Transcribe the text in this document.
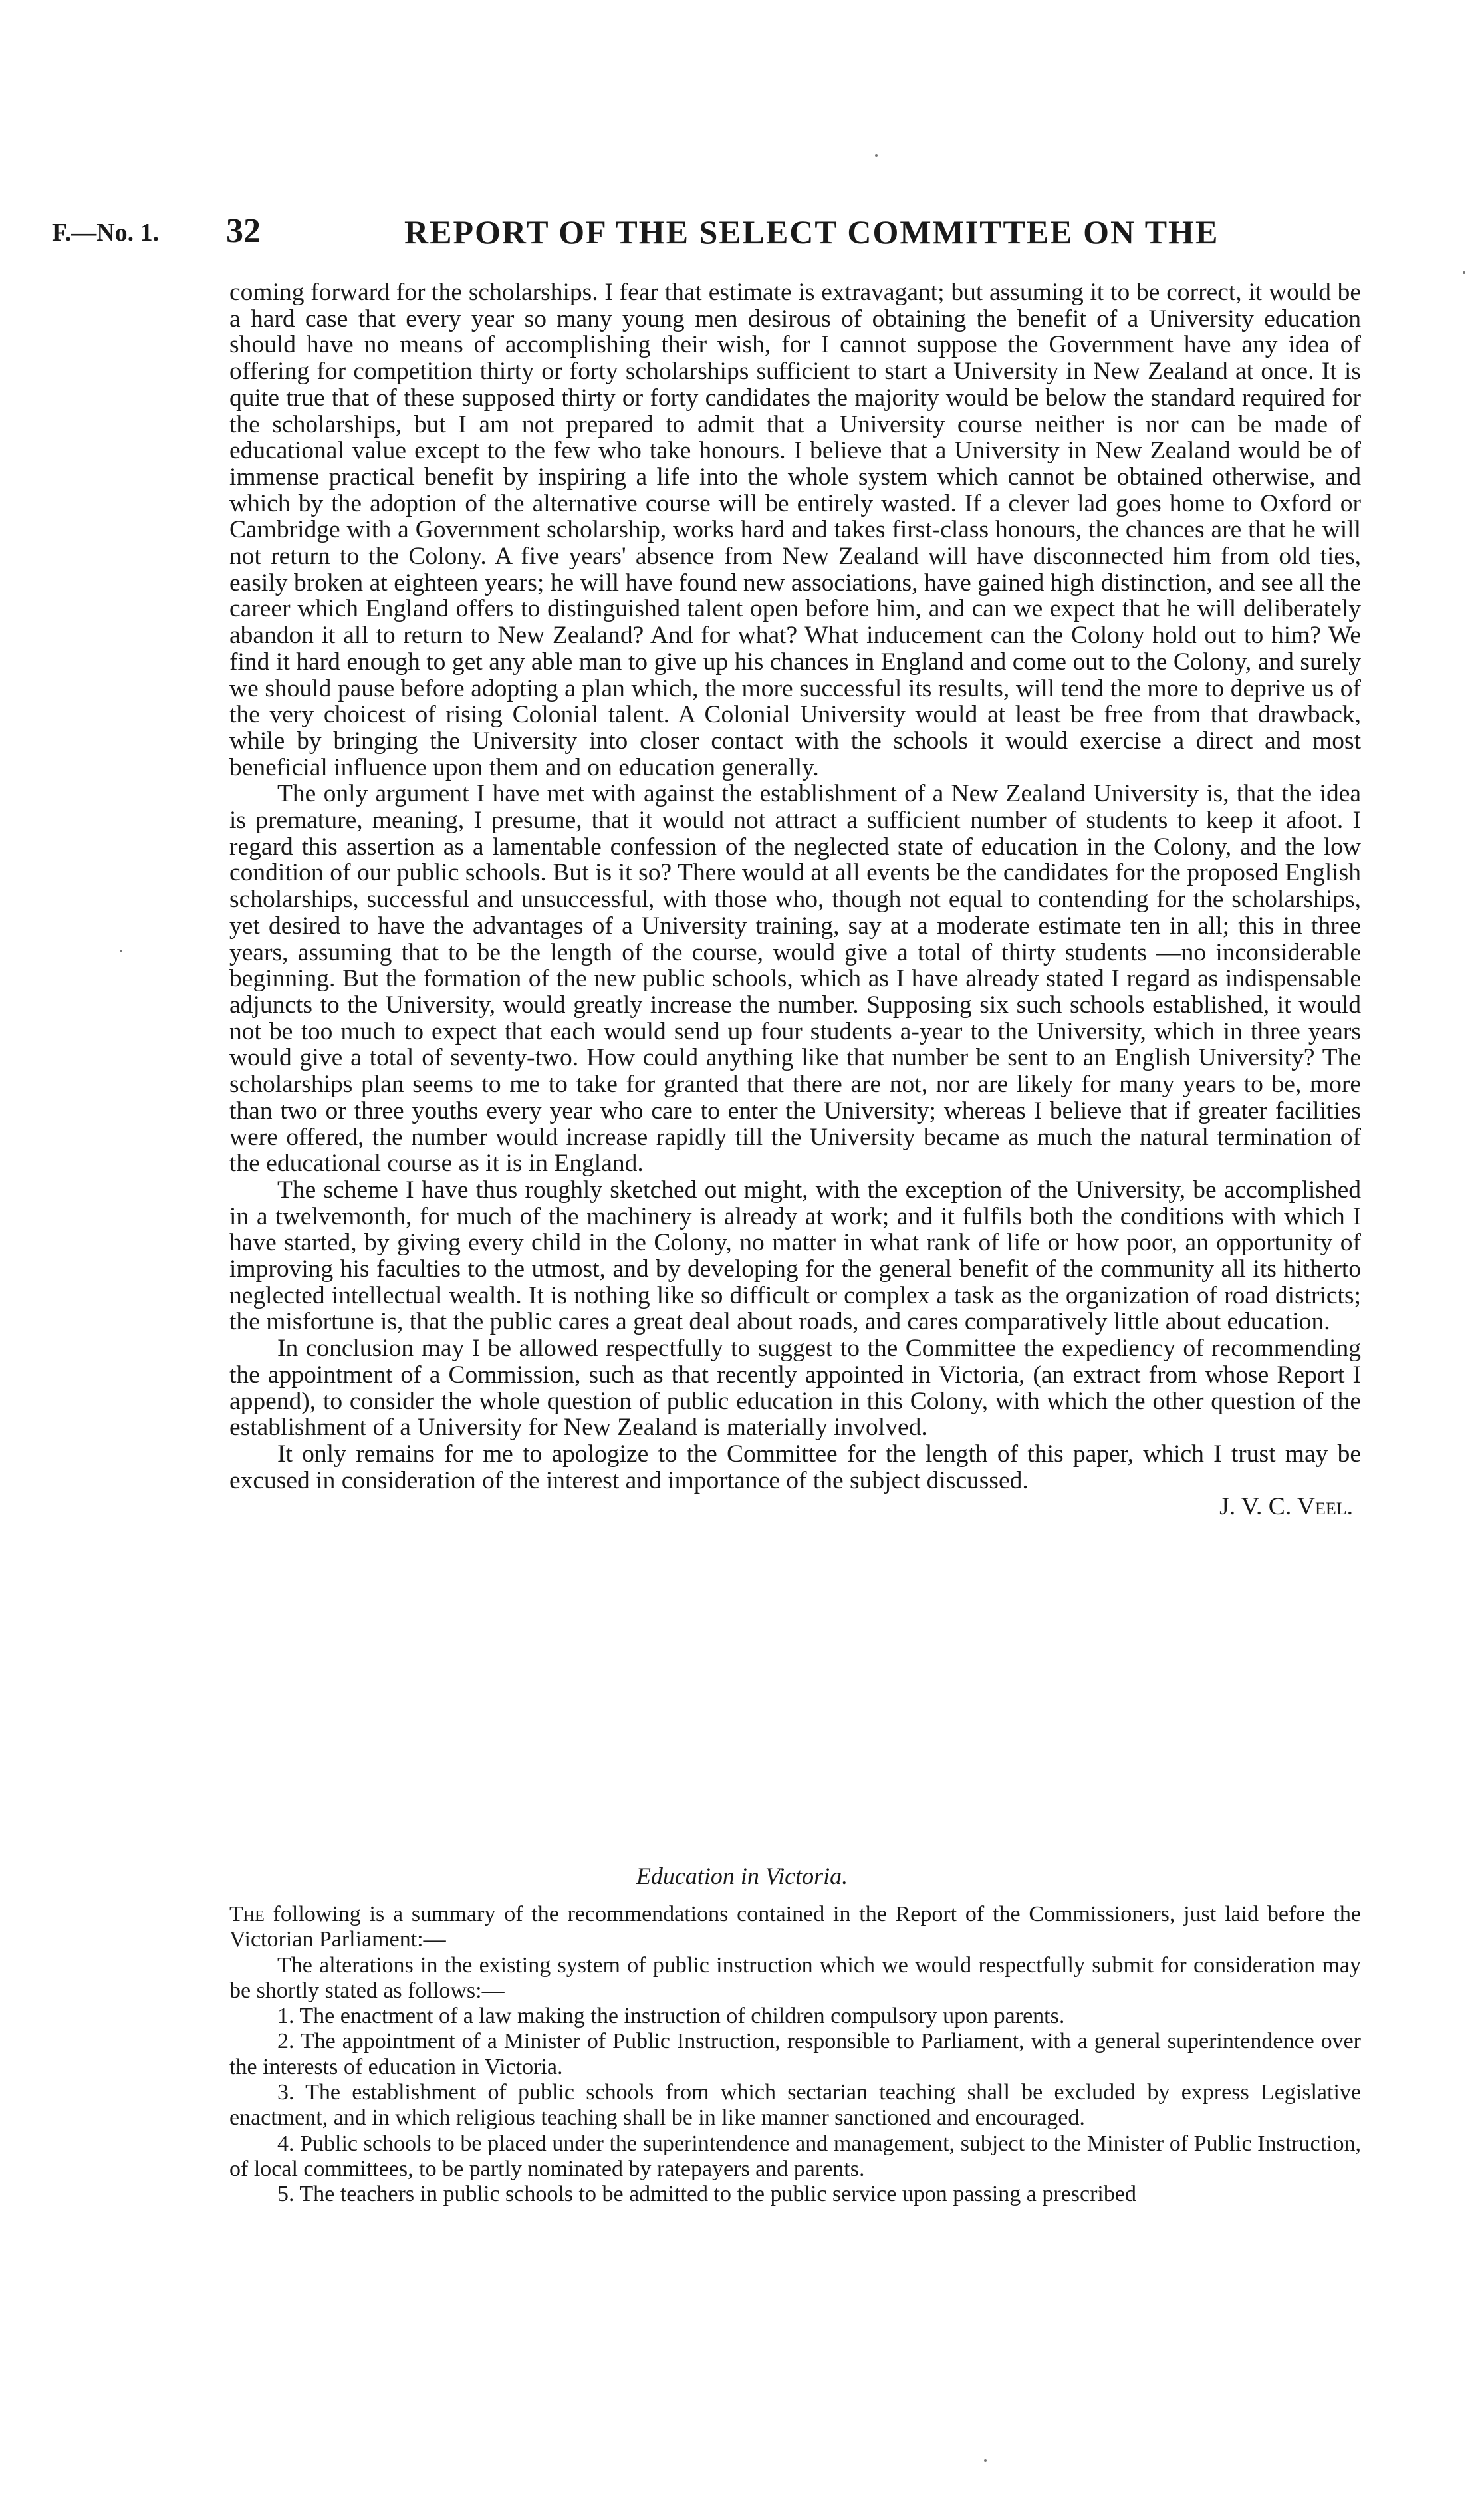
F.—No. 1. 32	REPORT OF THE SELECT COMMITTEE ON THE

coming forward for the scholarships. I fear that estimate is extravagant; but assuming it to be correct, it would be a hard case that every year so many young men desirous of obtaining the benefit of a University education should have no means of accomplishing their wish, for I cannot suppose the Government have any idea of offering for competition thirty or forty scholarships sufficient to start a University in New Zealand at once. It is quite true that of these supposed thirty or forty candidates the majority would be below the standard required for the scholarships, but I am not prepared to admit that a University course neither is nor can be made of educational value except to the few who take honours. I believe that a University in New Zealand would be of immense practical benefit by inspiring a life into the whole system which cannot be obtained otherwise, and which by the adoption of the alternative course will be entirely wasted. If a clever lad goes home to Oxford or Cambridge with a Government scholarship, works hard and takes first-class honours, the chances are that he will not return to the Colony. A five years' absence from New Zealand will have disconnected him from old ties, easily broken at eighteen years; he will have found new associations, have gained high distinction, and see all the career which England offers to distinguished talent open before him, and can we expect that he will deliberately abandon it all to return to New Zealand? And for what? What inducement can the Colony hold out to him? We find it hard enough to get any able man to give up his chances in England and come out to the Colony, and surely we should pause before adopting a plan which, the more successful its results, will tend the more to deprive us of the very choicest of rising Colonial talent. A Colonial University would at least be free from that drawback, while by bringing the University into closer contact with the schools it would exercise a direct and most beneficial influence upon them and on education generally.

The only argument I have met with against the establishment of a New Zealand University is, that the idea is premature, meaning, I presume, that it would not attract a sufficient number of students to keep it afoot. I regard this assertion as a lamentable confession of the neglected state of education in the Colony, and the low condition of our public schools. But is it so? There would at all events be the candidates for the proposed English scholarships, successful and unsuccessful, with those who, though not equal to contending for the scholarships, yet desired to have the advantages of a University training, say at a moderate estimate ten in all; this in three years, assuming that to be the length of the course, would give a total of thirty students —no inconsiderable beginning. But the formation of the new public schools, which as I have already stated I regard as indispensable adjuncts to the University, would greatly increase the number. Supposing six such schools established, it would not be too much to expect that each would send up four students a-year to the University, which in three years would give a total of seventy-two. How could anything like that number be sent to an English University? The scholarships plan seems to me to take for granted that there are not, nor are likely for many years to be, more than two or three youths every year who care to enter the University; whereas I believe that if greater facilities were offered, the number would increase rapidly till the University became as much the natural termination of the educational course as it is in England.

The scheme I have thus roughly sketched out might, with the exception of the University, be accomplished in a twelvemonth, for much of the machinery is already at work; and it fulfils both the conditions with which I have started, by giving every child in the Colony, no matter in what rank of life or how poor, an opportunity of improving his faculties to the utmost, and by developing for the general benefit of the community all its hitherto neglected intellectual wealth. It is nothing like so difficult or complex a task as the organization of road districts; the misfortune is, that the public cares a great deal about roads, and cares comparatively little about education.

In conclusion may I be allowed respectfully to suggest to the Committee the expediency of recommending the appointment of a Commission, such as that recently appointed in Victoria, (an extract from whose Report I append), to consider the whole question of public education in this Colony, with which the other question of the establishment of a University for New Zealand is materially involved.

It only remains for me to apologize to the Committee for the length of this paper, which I trust may be excused in consideration of the interest and importance of the subject discussed.

J. V. C. Veel.

Education in Victoria.

The following is a summary of the recommendations contained in the Report of the Commissioners, just laid before the Victorian Parliament:—

The alterations in the existing system of public instruction which we would respectfully submit for consideration may be shortly stated as follows:—

1. The enactment of a law making the instruction of children compulsory upon parents.

2. The appointment of a Minister of Public Instruction, responsible to Parliament, with a general superintendence over the interests of education in Victoria.

3. The establishment of public schools from which sectarian teaching shall be excluded by express Legislative enactment, and in which religious teaching shall be in like manner sanctioned and encouraged.

4. Public schools to be placed under the superintendence and management, subject to the Minister of Public Instruction, of local committees, to be partly nominated by ratepayers and parents.

5. The teachers in public schools to be admitted to the public service upon passing a prescribed
